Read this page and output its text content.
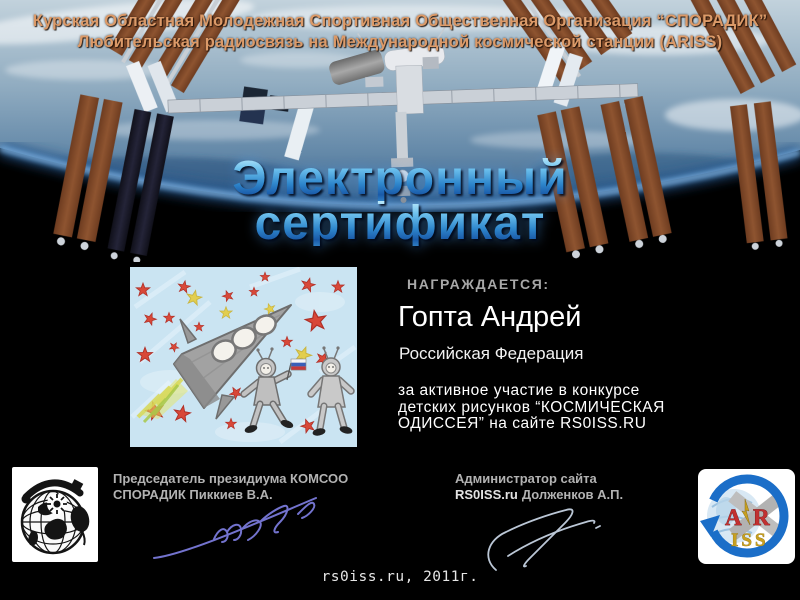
Курская Областная Молодежная Спортивная Общественная Организация “СПОРАДИК”
Любительская радиосвязь на Международной космической станции (ARISS)
Электронный
сертификат
НАГРАЖДАЕТСЯ:
Гопта Андрей
Российская Федерация
за активное участие в конкурсе
детских рисунков “КОСМИЧЕСКАЯ
ОДИССЕЯ” на сайте RS0ISS.RU
Председатель президиума КОМСОО
СПОРАДИК Пиккиев В.А.
Администратор сайта
RS0ISS.ru Долженков А.П.
A R
ISS
rs0iss.ru, 2011г.
